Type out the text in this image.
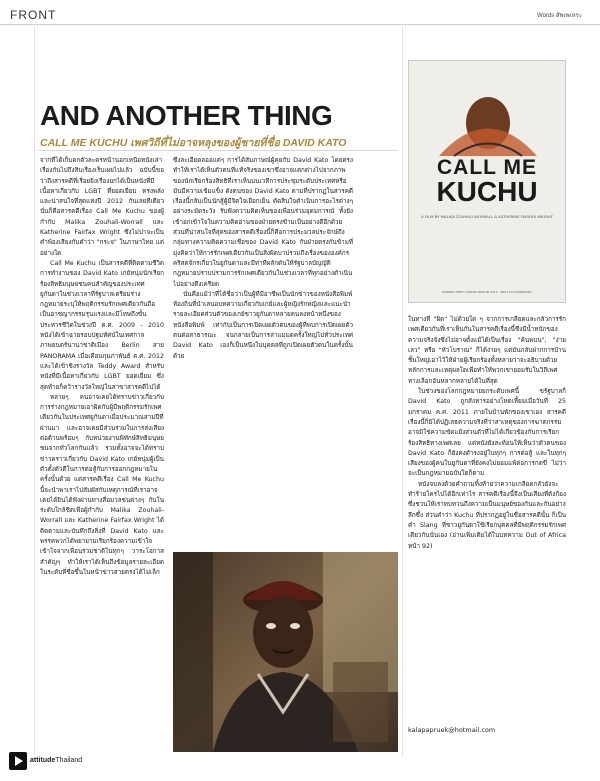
FRONT	Words สัพเพเหระ
AND ANOTHER THING
CALL ME KUCHU เพศวิถีที่ไม่อาจหลุงของผู้ชายที่ชื่อ DAVID KATO

จากที่ได้เก็บตกตัวละครหน้านอกเหนือหนังเล่าเรื่องกันไปถึงสิบเรื่องเร็บเผยไปแล้ว ฉบับนี้ขอว่าถึงสารคดีที่เรื่อยยิ่งเรื่องยกได้เป็นหนังที่มีเนื้อหาเกี่ยวกับ LGBT ที่ยอดเยี่ยม ทรงพลัง และน่าสนใจที่สุดแห่งปี 2012 กันเลยทีเดียว นั่นก็คือสารคดีเรื่อง Call Me Kuchu ของผู้กำกับ Malika Zouhali-Worrall และ Katherine Fairfax Wright ซึ่งไม่ปาจะเป็นคำพ้องเสียงกับคำว่า "กระจ" ในภาษาไทย แต่อย่างใด

Call Me Kuchu เป็นสารคดีที่ติดตามชีวิตการทำงานของ David Kato เกย์หนุ่มนักเรียกร้องสิทธิมนุษยชนคนสำคัญของประเทศยูกันดาในช่วงเวลาที่รัฐบาลเตรียมร่างกฎหมายระบุให้พฤติกรรมรักเพศเดียวกันถือเป็นอาชญากรรมรุนแรงและมีโทษถึงขั้นประหารชีวิตในช่วงปี ค.ศ. 2009 - 2010 หนังได้เข้าฉายรอบปฐมทัศน์ในเทศกาลภาพยนตร์นานาชาติเมือง Berlin สาย PANORAMA เมื่อเดือนกุมภาพันธ์ ค.ศ. 2012 และได้เข้าชิงรางวัล Teddy Award สำหรับหนังที่มีเนื้อหาเกี่ยวกับ LGBT ยอดเยี่ยม ซึ่งสุดท้ายก็คว้ารางวัลใหญ่ในสาขาสารคดีไปได้

หลายๆ คนอาจเคยได้ทราบข่าวเกี่ยวกับการร่างกฎหมายเอาผิดกับผู้มีพฤติกรรมรักเพศเดียวกันในประเทศยูกันดาเมื่อประมาณสามปีที่ผ่านมา และอาจเคยมีส่วนร่วมในการส่งเสียงต่อต้านพร้อมๆ กับหน่วยงานพิทักษ์สิทธิมนุษยชนจากทั่วโลกกันแล้ว รวมทั้งอาจจะได้ทราบข่าวคราวเกี่ยวกับ David Kato เกย์หนุ่มผู้เป็นตัวตั้งตัวตีในการต่อสู้กับการออกกฎหมายในครั้งนั้นด้วย แต่สารคดีเรื่อง Call Me Kuchu นี้จะนำพาเราไปสัมผัสกับเหตุการณ์ที่เราอาจเคยได้ยินได้ฟังผ่านทางสื่อมวลชนต่างๆ กันในระดับใกล้ชิดเพื่อผู้กำกับ Malika Zouhali-Worrall และ Katherine Fairfax Wright ได้ติดตามและบันทึกถึงสิ่งที่ David Kato และพรรคพวกได้พยายามเรียกร้องความเข้าใจเข้าใจจากเพื่อนร่วมชาติในทุกๆ วาระโอกาสสำคัญๆ ทำให้เราได้เห็นถึงข้อมูลรายละเอียดในระดับที่ชื่อขึ้นในหน้าข่าวสายตรงได้ไม่เล็ก

ซึ่งละเอียดลออแต่ๆ การได้สัมภาษณ์ผู้คุยกับ David Kato โดยตรงทำให้เราได้เห็นตัวตนที่แท้จริงของเขาซึ่งอาจแตกต่างไปจากภาพของนักเรียกร้องสิทธิที่เราเห็นบนเวทีการประชุมระดับประเทศหรือมันมีความเข้มแข็ง ดังตนของ David Kato ตามที่ปรากฏในสารคดีเรื่องนี้กลับเป็นนักสู้ผู้มีจิตใจเยือกเย็น ดัดสินใจดำเนินการอะไรต่างๆ อย่างระมัดระวัง รับฟังความคิดเห็นของเพื่อนร่วมอุดมการณ์ ทั้งยังเข้าอกเข้าใจในความคิดอ่านของฝ่ายตรงข้ามเป็นอย่างดีอีกด้วย ส่วนที่น่าสนใจที่สุดของสารคดีเรื่องนี้ก็คือการประมวลประจักษ์ถึงกลุ่มทางความคิดความเชื่อของ David Kato กับฝ่ายตรงกันข้ามที่มุ่งคิดว่าให้การรักเพศเดียวกันเป็นสิ่งผิดบาปรวมถึงเรื่องขององค์กรคริสตจักรเกี่ยวในยูกันดาและมีท่าทีผลักดันให้รัฐบาลบัญญัติกฎหมายปราบปรามการรักเพศเดียวกันในช่วงเวลาที่ทุกอย่างดำเนินไปอย่างตึงเครียด

นั่นคือแม้ว่าที่ได้ชื่อว่าเป็นผู้ที่มีอาชีพเป็นนักข่าวของหนังสือพิมพ์ท้องถิ่นที่นำเสนอบทความเกี่ยวกับเกย์และผู้หญิงรักหญิงและแนะนำรายละเอียดส่วนตัวของเกย์ชาวยูกันดาหลายคนลงหน้าหนึ่งของหนังสือพิมพ์ เท่ากับเป็นการเปิดเผยตัวตนของผู้ที่พบการเปิดเผยตัวตนต่อสาธารณะ จนกลายเป็นการล่าแม่มดครั้งใหญ่ไปทั่วประเทศ David Kato เองก็เป็นหนึ่งในบุคคลที่ถูกเปิดเผยตัวตนในครั้งนั้นด้วย

CALL ME
KUCHU
A FILM BY MALIKA ZOUHALI-WORRALL & KATHERINE FAIRFAX WRIGHT
WINNER TEDDY AWARD BERLIN 2012 · BEST DOCUMENTARY

ในทางที่ "ผิด" ไม่ด้วยใด ๆ จากการเกลียดและกลัวการรักเพศเดียวกันที่เราเห็นกันในสารคดีเรื่องนี้ซึ่งมีน้ำหนักของความจริงจังซึ่งไม่อาจตั้งแม้ได้เป็นเรื่อง "ค้นพบน", "ง่ายเลว" หรือ "หัวโบราณ" ก็ได้ง่ายๆ แต่มันกลับฝากการบ้านชิ้นใหญ่เอาไว้ให้ฝ่ายผู้เรียกร้องทั้งหลายว่าจะอธิบายด้วยหลักการและเหตุผลใดเพื่อทำให้พวกเขายอมรับในวิถีเพศทางเลือกอันหลากหลายได้ในที่สุด

ในช่วงของโลกกฎหมายยกระดับเพศนี้ ขรัฐบาลก็ David Kato ถูกสังหารอย่างโหดเหี้ยมเมื่อวันที่ 25 มกราคม ค.ศ. 2011 ภายในบ้านพักของเขาเอง สารคดีเรื่องนี้ก็มิได้ปฏิเสธความจริงที่ว่าสาเหตุของการฆาตกรรมอาจมิใช่ความขัดแย้งส่วนตัวที่ไม่ได้เกี่ยวข้องกับการเรียกร้องสิทธิทางเพศเลย แต่หนังยังสะท้อนให้เห็นว่าตัวตนของ David Kato ก็ยังคงดำรงอยู่ในทุกๆ การต่อสู้ และในทุกๆ เสียงของผู้คนในยูกันดาที่ยังคงไม่ยอมแพ้ต่อการกดขี่ ไม่ว่าจะเป็นกฎหมายฉบับใดก็ตาม

หนังจบลงด้วยคำถามทิ้งท้ายว่าความเกลียดกลัวยังจะทำร้ายใครไปได้อีกเท่าไร สารคดีเรื่องนี้จึงเป็นเสียงที่ดังก้องซึ่งชวนให้เราทบทวนถึงความเป็นมนุษย์ของกันและกันอย่างลึกซึ้ง ส่วนคำว่า Kuchu ที่ปรากฏอยู่ในชื่อสารคดีนั้น ก็เป็นคำ Slang ที่ชาวยูกันดาใช้เรียกบุคคลที่มีพฤติกรรมรักเพศเดียวกันนั่นเอง (อ่านเพิ่มเติมได้ในบทความ Out of Africa หน้า 92)

kalapapruek@hotmail.com
attitudeThailand
